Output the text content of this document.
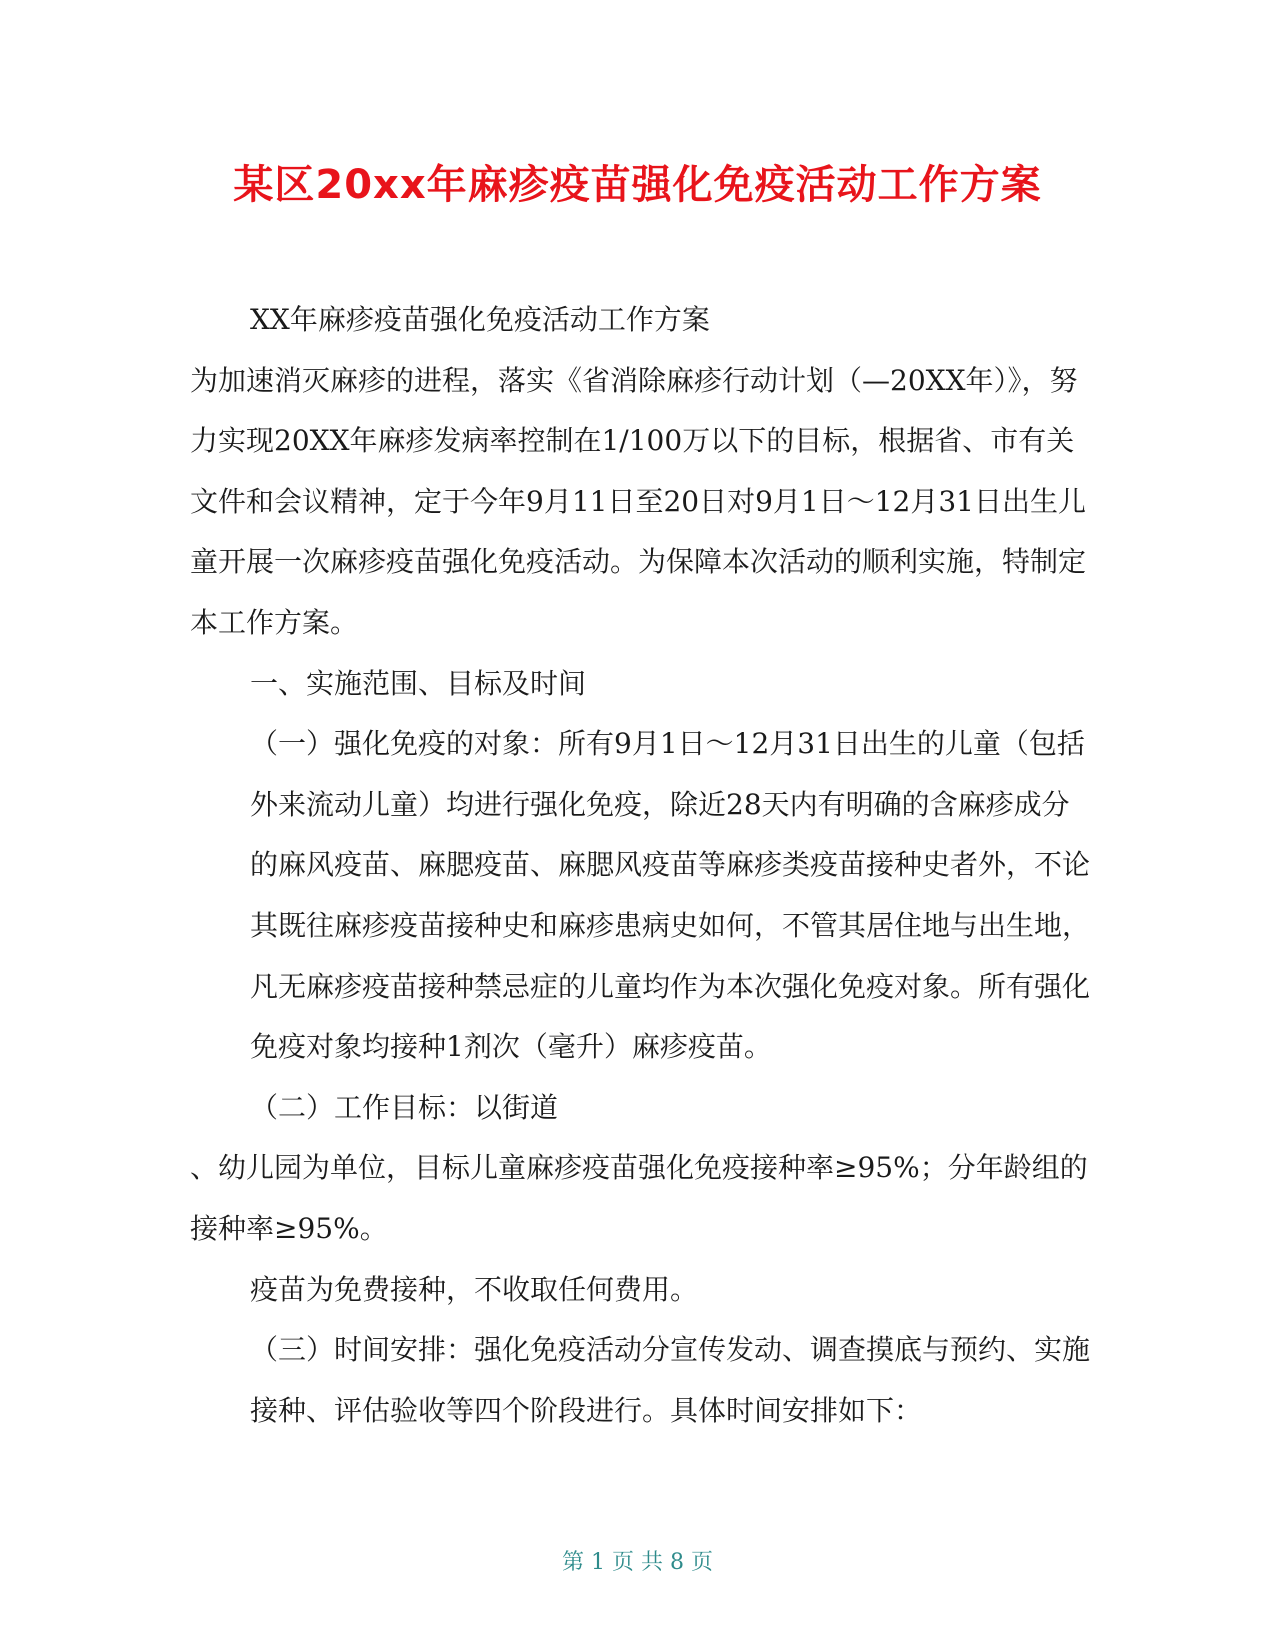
某区20xx年麻疹疫苗强化免疫活动工作方案

XX年麻疹疫苗强化免疫活动工作方案

为加速消灭麻疹的进程，落实《省消除麻疹行动计划（—20XX年）》，努力实现20XX年麻疹发病率控制在1/100万以下的目标，根据省、市有关文件和会议精神，定于今年9月11日至20日对9月1日～12月31日出生儿童开展一次麻疹疫苗强化免疫活动。为保障本次活动的顺利实施，特制定本工作方案。

一、实施范围、目标及时间

（一）强化免疫的对象：所有9月1日～12月31日出生的儿童（包括外来流动儿童）均进行强化免疫，除近28天内有明确的含麻疹成分的麻风疫苗、麻腮疫苗、麻腮风疫苗等麻疹类疫苗接种史者外，不论其既往麻疹疫苗接种史和麻疹患病史如何，不管其居住地与出生地，凡无麻疹疫苗接种禁忌症的儿童均作为本次强化免疫对象。所有强化免疫对象均接种1剂次（毫升）麻疹疫苗。

（二）工作目标：以街道

、幼儿园为单位，目标儿童麻疹疫苗强化免疫接种率≥95%；分年龄组的接种率≥95%。

疫苗为免费接种，不收取任何费用。

（三）时间安排：强化免疫活动分宣传发动、调查摸底与预约、实施接种、评估验收等四个阶段进行。具体时间安排如下：

第 1 页 共 8 页
